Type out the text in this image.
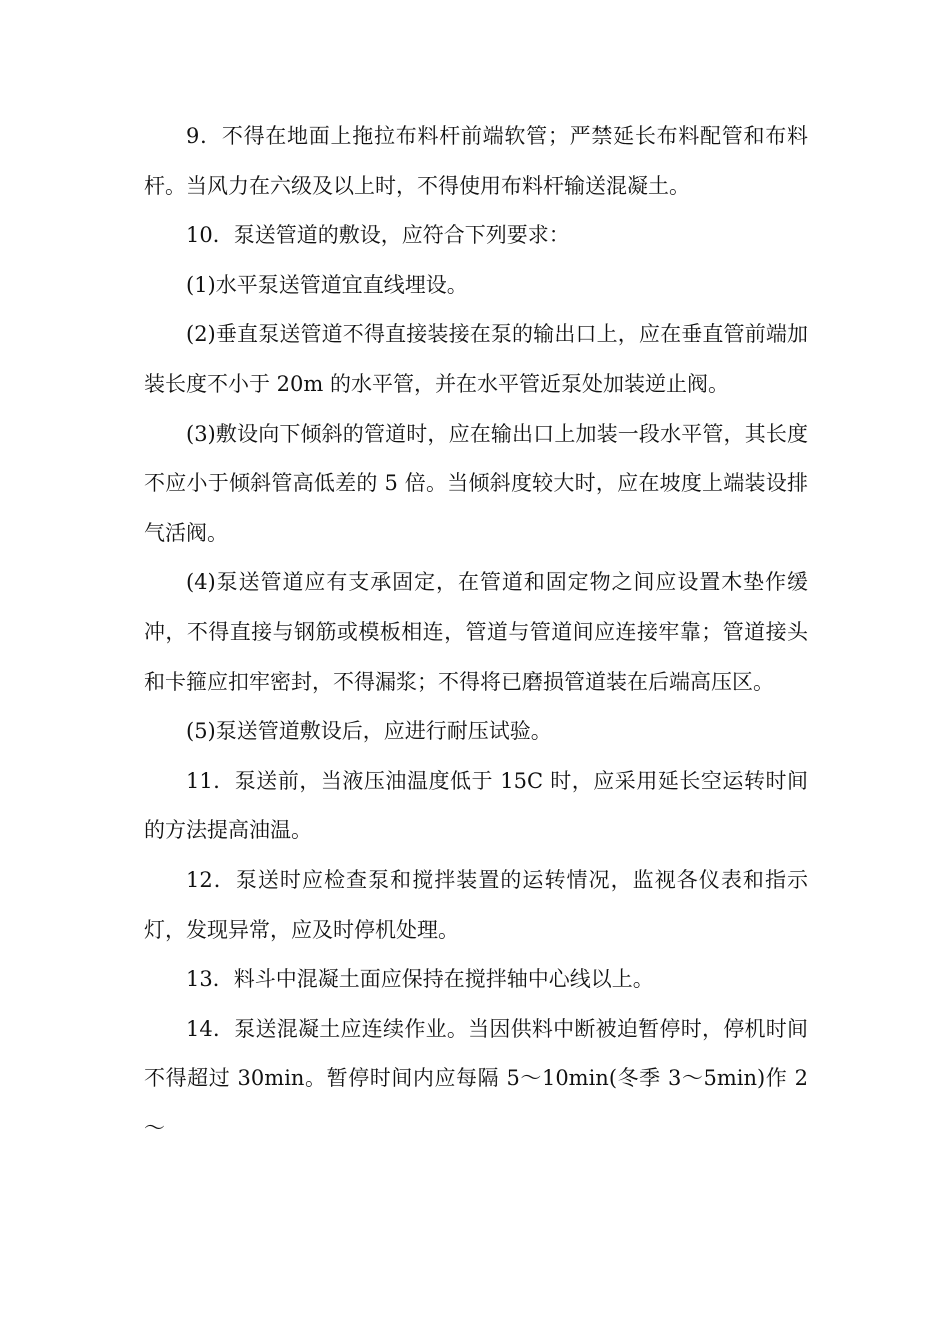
9．不得在地面上拖拉布料杆前端软管；严禁延长布料配管和布料杆。当风力在六级及以上时，不得使用布料杆输送混凝土。

10．泵送管道的敷设，应符合下列要求：

(1)水平泵送管道宜直线埋设。

(2)垂直泵送管道不得直接装接在泵的输出口上，应在垂直管前端加装长度不小于 20m 的水平管，并在水平管近泵处加装逆止阀。

(3)敷设向下倾斜的管道时，应在输出口上加装一段水平管，其长度不应小于倾斜管高低差的 5 倍。当倾斜度较大时，应在坡度上端装设排气活阀。

(4)泵送管道应有支承固定，在管道和固定物之间应设置木垫作缓冲，不得直接与钢筋或模板相连，管道与管道间应连接牢靠；管道接头和卡箍应扣牢密封，不得漏浆；不得将已磨损管道装在后端高压区。

(5)泵送管道敷设后，应进行耐压试验。

11．泵送前，当液压油温度低于 15C 时，应采用延长空运转时间的方法提高油温。

12．泵送时应检查泵和搅拌装置的运转情况，监视各仪表和指示灯，发现异常，应及时停机处理。

13．料斗中混凝土面应保持在搅拌轴中心线以上。

14．泵送混凝土应连续作业。当因供料中断被迫暂停时，停机时间不得超过 30min。暂停时间内应每隔 5～10min(冬季 3～5min)作 2～
